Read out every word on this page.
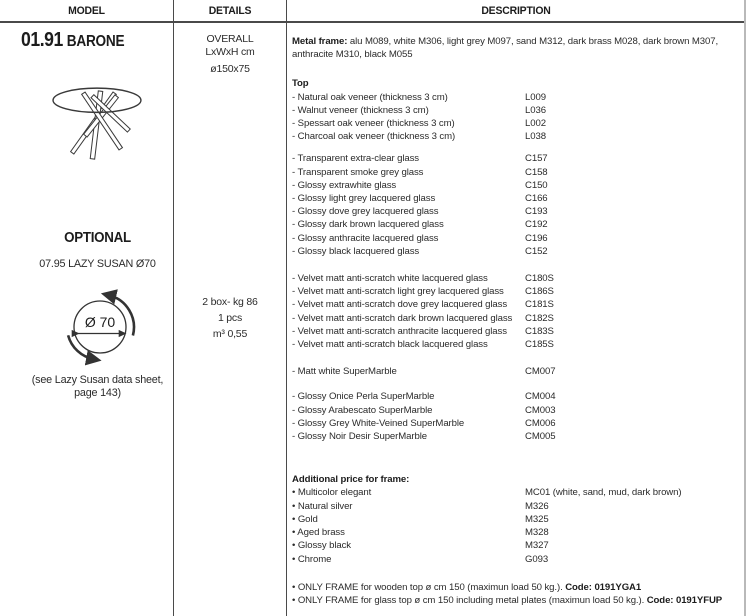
MODEL	DETAILS	DESCRIPTION
01.91 BARONE
OPTIONAL
07.95 LAZY SUSAN Ø70
Ø 70
(see Lazy Susan data sheet,
page 143)
OVERALL
LxWxH cm
ø150x75
2 box- kg 86
1 pcs
m³ 0,55
Metal frame: alu M089, white M306, light grey M097, sand M312, dark brass M028, dark brown M307,
anthracite M310, black M055
Top
- Natural oak veneer (thickness 3 cm)	L009
- Walnut veneer (thickness 3 cm)	L036
- Spessart oak veneer (thickness 3 cm)	L002
- Charcoal oak veneer (thickness 3 cm)	L038
- Transparent extra-clear glass	C157
- Transparent smoke grey glass	C158
- Glossy extrawhite glass	C150
- Glossy light grey lacquered glass	C166
- Glossy dove grey lacquered glass	C193
- Glossy dark brown lacquered glass	C192
- Glossy anthracite lacquered glass	C196
- Glossy black lacquered glass	C152
- Velvet matt anti-scratch white lacquered glass	C180S
- Velvet matt anti-scratch light grey lacquered glass C186S
- Velvet matt anti-scratch dove grey lacquered glass C181S
- Velvet matt anti-scratch dark brown lacquered glass C182S
- Velvet matt anti-scratch anthracite lacquered glass C183S
- Velvet matt anti-scratch black lacquered glass	C185S
- Matt white SuperMarble	CM007
- Glossy Onice Perla SuperMarble	CM004
- Glossy Arabescato SuperMarble	CM003
- Glossy Grey White-Veined SuperMarble	CM006
- Glossy Noir Desir SuperMarble	CM005
Additional price for frame:
• Multicolor elegant	MC01 (white, sand, mud, dark brown)
• Natural silver	M326
• Gold	M325
• Aged brass	M328
• Glossy black	M327
• Chrome	G093
• ONLY FRAME for wooden top ø cm 150 (maximun load 50 kg.). Code: 0191YGA1
• ONLY FRAME for glass top ø cm 150 including metal plates (maximun load 50 kg.). Code: 0191YFUP
